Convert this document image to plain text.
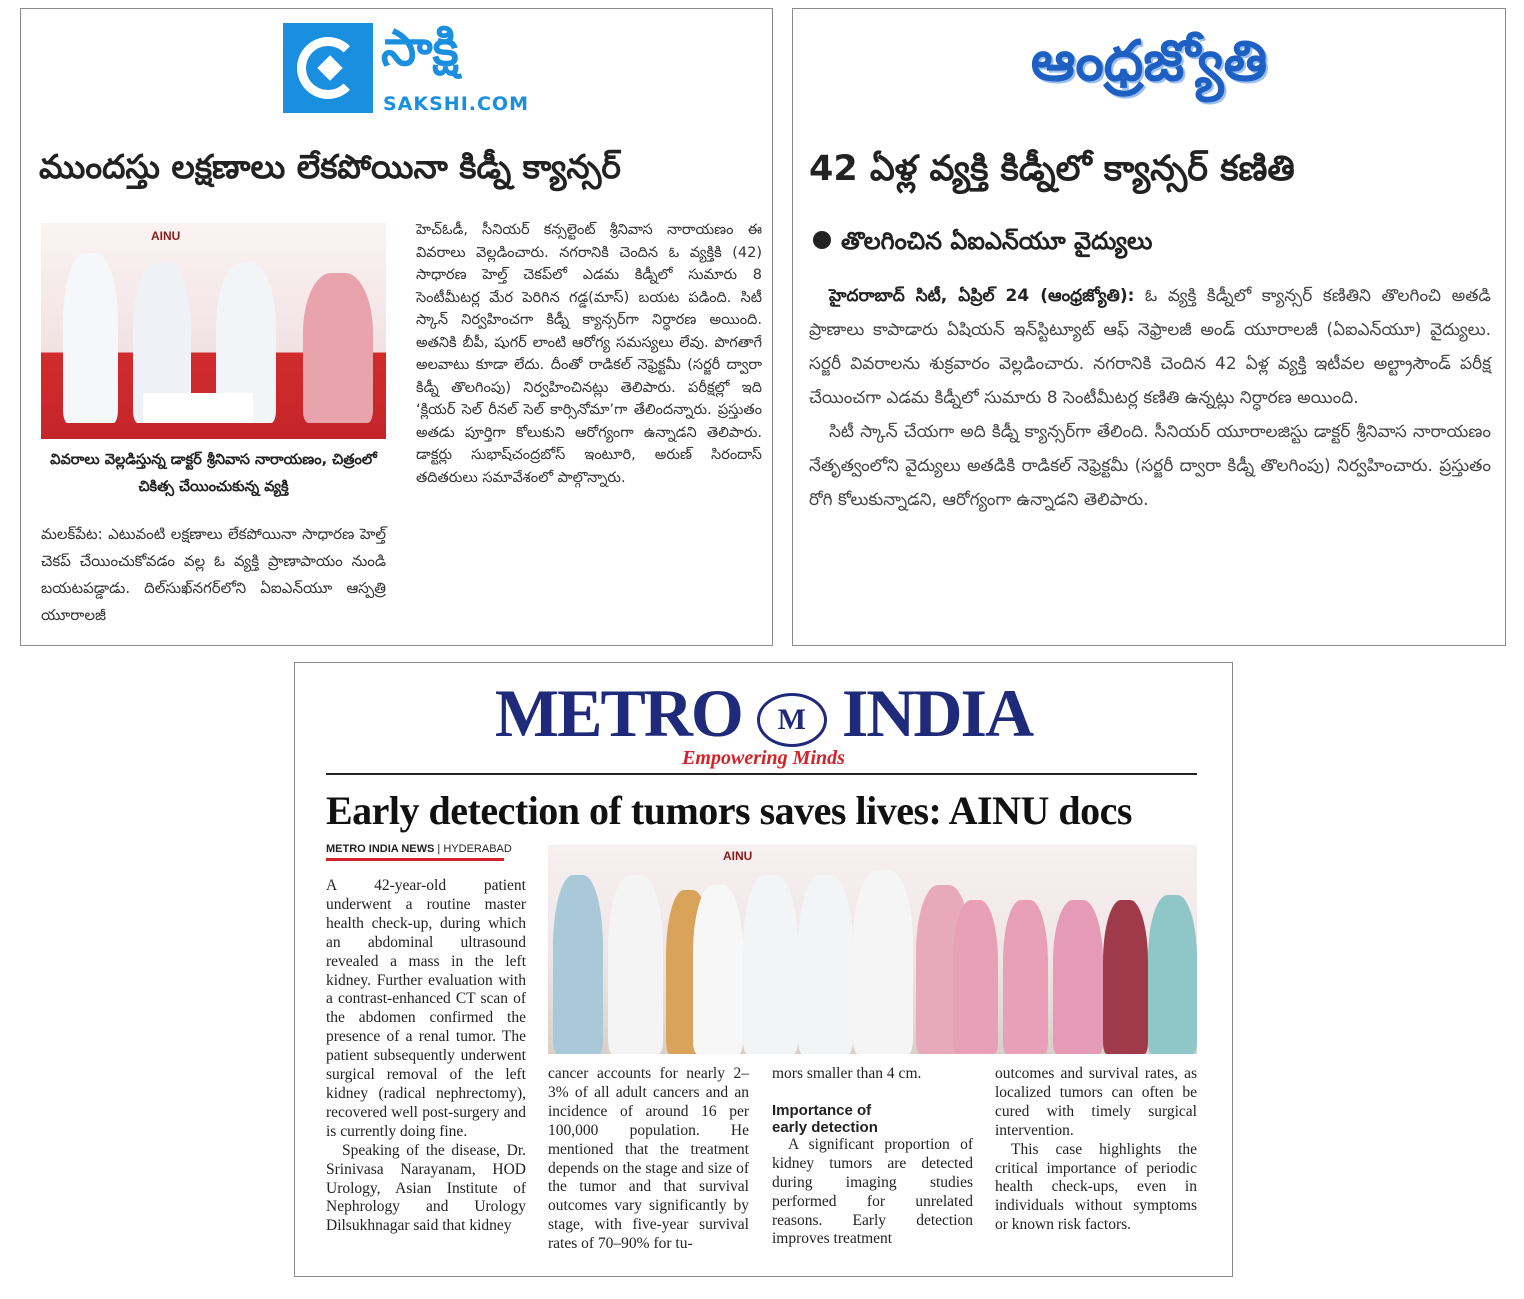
సాక్షి
SAKSHI.COM
ముందస్తు లక్షణాలు లేకపోయినా కిడ్నీ క్యాన్సర్
AINU
వివరాలు వెల్లడిస్తున్న డాక్టర్ శ్రీనివాస నారాయణం, చిత్రంలో చికిత్స చేయించుకున్న వ్యక్తి
మలక్‌పేట: ఎటువంటి లక్షణాలు లేకపోయినా సాధారణ హెల్త్ చెకప్ చేయించుకోవడం వల్ల ఓ వ్యక్తి ప్రాణాపాయం నుండి బయటపడ్డాడు. దిల్‌సుఖ్‌నగర్‌లోని ఏఐఎన్‌యూ ఆస్పత్రి యూరాలజీ
హెచ్‌ఓడీ, సీనియర్ కన్సల్టెంట్ శ్రీనివాస నారాయణం ఈ వివరాలు వెల్లడించారు. నగరానికి చెందిన ఓ వ్యక్తికి (42) సాధారణ హెల్త్ చెకప్‌లో ఎడమ కిడ్నీలో సుమారు 8 సెంటీమీటర్ల మేర పెరిగిన గడ్డ(మాస్) బయట పడింది. సిటీ స్కాన్ నిర్వహించగా కిడ్నీ క్యాన్సర్‌గా నిర్ధారణ అయింది. అతనికి బీపీ, షుగర్ లాంటి ఆరోగ్య సమస్యలు లేవు. పొగతాగే అలవాటు కూడా లేదు. దీంతో రాడికల్ నెఫ్రెక్టమీ (సర్జరీ ద్వారా కిడ్నీ తొలగింపు) నిర్వహించినట్లు తెలిపారు. పరీక్షల్లో ఇది ‘క్లియర్ సెల్ రీనల్ సెల్ కార్సినోమా’గా తేలిందన్నారు. ప్రస్తుతం అతడు పూర్తిగా కోలుకుని ఆరోగ్యంగా ఉన్నాడని తెలిపారు. డాక్టర్లు సుభాష్‌చంద్రబోస్ ఇంటూరి, అరుణ్ సిరందాస్ తదితరులు సమావేశంలో పాల్గొన్నారు.
ఆంధ్రజ్యోతి
42 ఏళ్ల వ్యక్తి కిడ్నీలో క్యాన్సర్ కణితి
తొలగించిన ఏఐఎన్‌యూ వైద్యులు

హైదరాబాద్ సిటీ, ఏప్రిల్ 24 (ఆంధ్రజ్యోతి): ఓ వ్యక్తి కిడ్నీలో క్యాన్సర్ కణితిని తొలగించి అతడి ప్రాణాలు కాపాడారు ఏషియన్ ఇన్‌స్టిట్యూట్ ఆఫ్ నెఫ్రాలజీ అండ్ యూరాలజీ (ఏఐఎన్‌యూ) వైద్యులు. సర్జరీ వివరాలను శుక్రవారం వెల్లడించారు. నగరానికి చెందిన 42 ఏళ్ల వ్యక్తి ఇటీవల అల్ట్రాసౌండ్ పరీక్ష చేయించగా ఎడమ కిడ్నీలో సుమారు 8 సెంటీమీటర్ల కణితి ఉన్నట్లు నిర్ధారణ అయింది.

సిటీ స్కాన్ చేయగా అది కిడ్నీ క్యాన్సర్‌గా తేలింది. సీనియర్ యూరాలజిస్టు డాక్టర్ శ్రీనివాస నారాయణం నేతృత్వంలోని వైద్యులు అతడికి రాడికల్ నెఫ్రెక్టమీ (సర్జరీ ద్వారా కిడ్నీ తొలగింపు) నిర్వహించారు. ప్రస్తుతం రోగి కోలుకున్నాడని, ఆరోగ్యంగా ఉన్నాడని తెలిపారు.

METRO M INDIA
Empowering Minds
Early detection of tumors saves lives: AINU docs
METRO INDIA NEWS | HYDERABAD	AINU

A 42-year-old patient underwent a routine master health check-up, during which an abdominal ultrasound revealed a mass in the left kidney. Further evaluation with a contrast-enhanced CT scan of the abdomen confirmed the presence of a renal tumor. The patient subsequently underwent surgical removal of the left kidney (radical nephrectomy), recovered well post-surgery and is currently doing fine.

Speaking of the disease, Dr. Srinivasa Narayanam, HOD Urology, Asian Institute of Nephrology and Urology Dilsukhnagar said that kidney

cancer accounts for nearly 2–3% of all adult cancers and an incidence of around 16 per 100,000 population. He mentioned that the treatment depends on the stage and size of the tumor and that survival outcomes vary significantly by stage, with five-year survival rates of 70–90% for tu-

mors smaller than 4 cm.

Importance of early detection

A significant proportion of kidney tumors are detected during imaging studies performed for unrelated reasons. Early detection improves treatment

outcomes and survival rates, as localized tumors can often be cured with timely surgical intervention.

This case highlights the critical importance of periodic health check-ups, even in individuals without symptoms or known risk factors.
